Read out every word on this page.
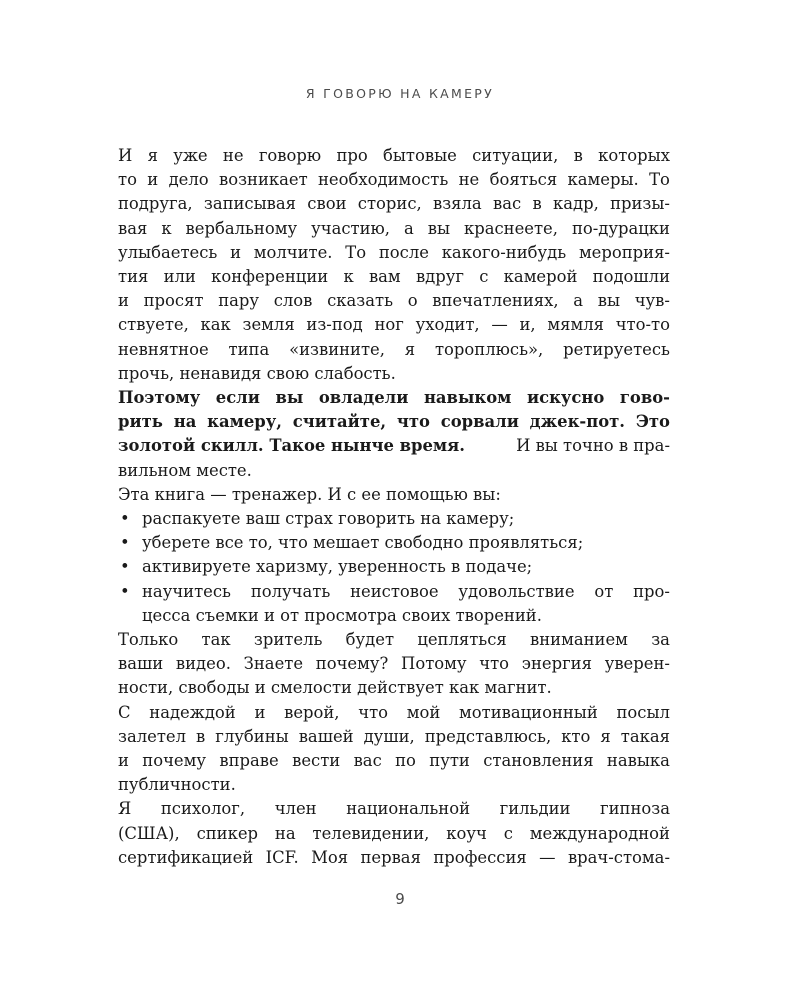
Я ГОВОРЮ НА КАМЕРУ
И я уже не говорю про бытовые ситуации, в которых
то и дело возникает необходимость не бояться камеры. То
подруга, записывая свои сторис, взяла вас в кадр, призы-
вая к вербальному участию, а вы краснеете, по-дурацки
улыбаетесь и молчите. То после какого-нибудь мероприя-
тия или конференции к вам вдруг с камерой подошли
и просят пару слов сказать о впечатлениях, а вы чув-
ствуете, как земля из-под ног уходит, — и, мямля что-то
невнятное типа «извините, я тороплюсь», ретируетесь
прочь, ненавидя свою слабость.
Поэтому если вы овладели навыком искусно гово-
рить на камеру, считайте, что сорвали джек-пот. Это
золотой скилл. Такое нынче время.	И вы точно в пра-
вильном месте.
Эта книга — тренажер. И с ее помощью вы:
• распакуете ваш страх говорить на камеру;
• уберете все то, что мешает свободно проявляться;
• активируете харизму, уверенность в подаче;
• научитесь получать неистовое удовольствие от про-
цесса съемки и от просмотра своих творений.
Только так зритель будет цепляться вниманием за
ваши видео. Знаете почему? Потому что энергия уверен-
ности, свободы и смелости действует как магнит.
С надеждой и верой, что мой мотивационный посыл
залетел в глубины вашей души, представлюсь, кто я такая
и почему вправе вести вас по пути становления навыка
публичности.
Я психолог, член национальной гильдии гипноза
(США), спикер на телевидении, коуч с международной
сертификацией ICF. Моя первая профессия — врач-стома-
9
